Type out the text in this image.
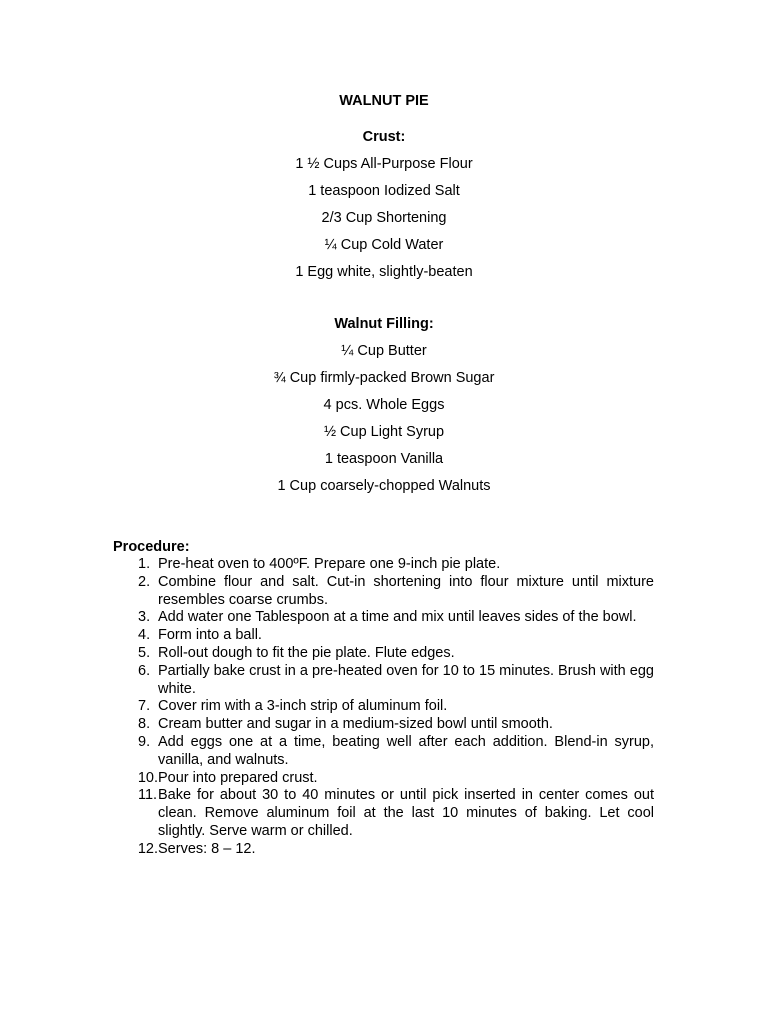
WALNUT PIE
Crust:
1 ½ Cups All-Purpose Flour
1 teaspoon Iodized Salt
2/3 Cup Shortening
¼ Cup Cold Water
1 Egg white, slightly-beaten
Walnut Filling:
¼ Cup Butter
¾ Cup firmly-packed Brown Sugar
4 pcs. Whole Eggs
½ Cup Light Syrup
1 teaspoon Vanilla
1 Cup coarsely-chopped Walnuts
Procedure:
1. Pre-heat oven to 400ºF. Prepare one 9-inch pie plate.
2. Combine flour and salt. Cut-in shortening into flour mixture until mixture resembles coarse crumbs.
3. Add water one Tablespoon at a time and mix until leaves sides of the bowl.
4. Form into a ball.
5. Roll-out dough to fit the pie plate. Flute edges.
6. Partially bake crust in a pre-heated oven for 10 to 15 minutes. Brush with egg white.
7. Cover rim with a 3-inch strip of aluminum foil.
8. Cream butter and sugar in a medium-sized bowl until smooth.
9. Add eggs one at a time, beating well after each addition. Blend-in syrup, vanilla, and walnuts.
10. Pour into prepared crust.
11. Bake for about 30 to 40 minutes or until pick inserted in center comes out clean. Remove aluminum foil at the last 10 minutes of baking. Let cool slightly. Serve warm or chilled.
12. Serves: 8 – 12.
